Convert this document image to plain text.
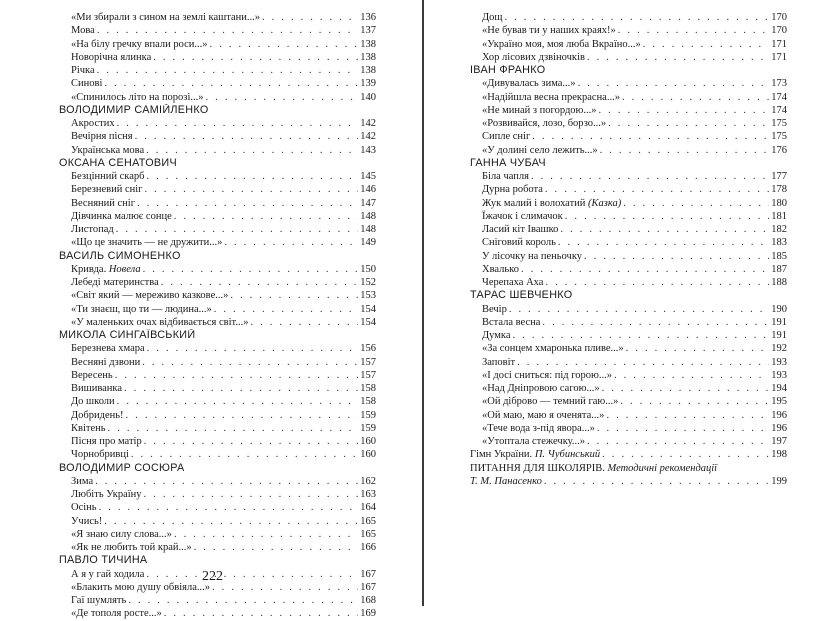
«Ми збирали з сином на землі каштани...» . . .	136
Мова . . .	137
«На білу гречку впали роси...» . . .	138
Новорічна ялинка . . .	138
Річка . . .	138
Синові . . .	139
«Спинилось літо на порозі...» . . .	140
ВОЛОДИМИР САМІЙЛЕНКО
Акростих . . .	142
Вечірня пісня . . .	142
Українська мова . . .	143
ОКСАНА СЕНАТОВИЧ
Безцінний скарб . . .	145
Березневий сніг . . .	146
Весняний сніг . . .	147
Дівчинка малює сонце . . .	148
Листопад . . .	148
«Що це значить — не дружити...» . . .	149
ВАСИЛЬ СИМОНЕНКО
Кривда. Новела . . .	150
Лебеді материнства . . .	152
«Світ який — мереживо казкове...» . . .	153
«Ти знаєш, що ти — людина...» . . .	154
«У маленьких очах відбивається світ...» . . .	154
МИКОЛА СИНГАЇВСЬКИЙ
Березнева хмара . . .	156
Весняні дзвони . . .	157
Вересень . . .	157
Вишиванка . . .	158
До школи . . .	158
Добридень! . . .	159
Квітень . . .	159
Пісня про матір . . .	160
Чорнобривці . . .	160
ВОЛОДИМИР СОСЮРА
Зима . . .	162
Любіть Україну . . .	163
Осінь . . .	164
Учись! . . .	165
«Я знаю силу слова...» . . .	165
«Як не любить той край...» . . .	166
ПАВЛО ТИЧИНА
А я у гай ходила . . .	167
«Блакить мою душу обвіяла...» . . .	167
Гаї шумлять . . .	168
«Де тополя росте...» . . .	169
222
Дощ . . .	170
«Не бував ти у наших краях!» . . .	170
«Україно моя, моя люба Вкраїно...» . . .	171
Хор лісових дзвіночків . . .	171
ІВАН ФРАНКО
«Дивувалась зима...» . . .	173
«Надійшла весна прекрасна...» . . .	174
«Не минай з погордою...» . . .	174
«Розвивайся, лозо, борзо...» . . .	175
Сипле сніг . . .	175
«У долині село лежить...» . . .	176
ГАННА ЧУБАЧ
Біла чапля . . .	177
Дурна робота . . .	178
Жук малий і волохатий (Казка) . . .	180
Їжачок і слимачок . . .	181
Ласий кіт Івашко . . .	182
Сніговий король . . .	183
У лісочку на пеньочку . . .	185
Хвалько . . .	187
Черепаха Аха . . .	188
ТАРАС ШЕВЧЕНКО
Вечір . . .	190
Встала весна . . .	191
Думка . . .	191
«За сонцем хмаронька пливе...» . . .	192
Заповіт . . .	193
«І досі сниться: під горою...» . . .	193
«Над Дніпровою сагою...» . . .	194
«Ой діброво — темний гаю...» . . .	195
«Ой маю, маю я оченята...» . . .	196
«Тече вода з-під явора...» . . .	196
«Утоптала стежечку...» . . .	197
Гімн України. П. Чубинський . . .	198
ПИТАННЯ ДЛЯ ШКОЛЯРІВ. Методичні рекомендації
Т. М. Панасенко . . .	199
